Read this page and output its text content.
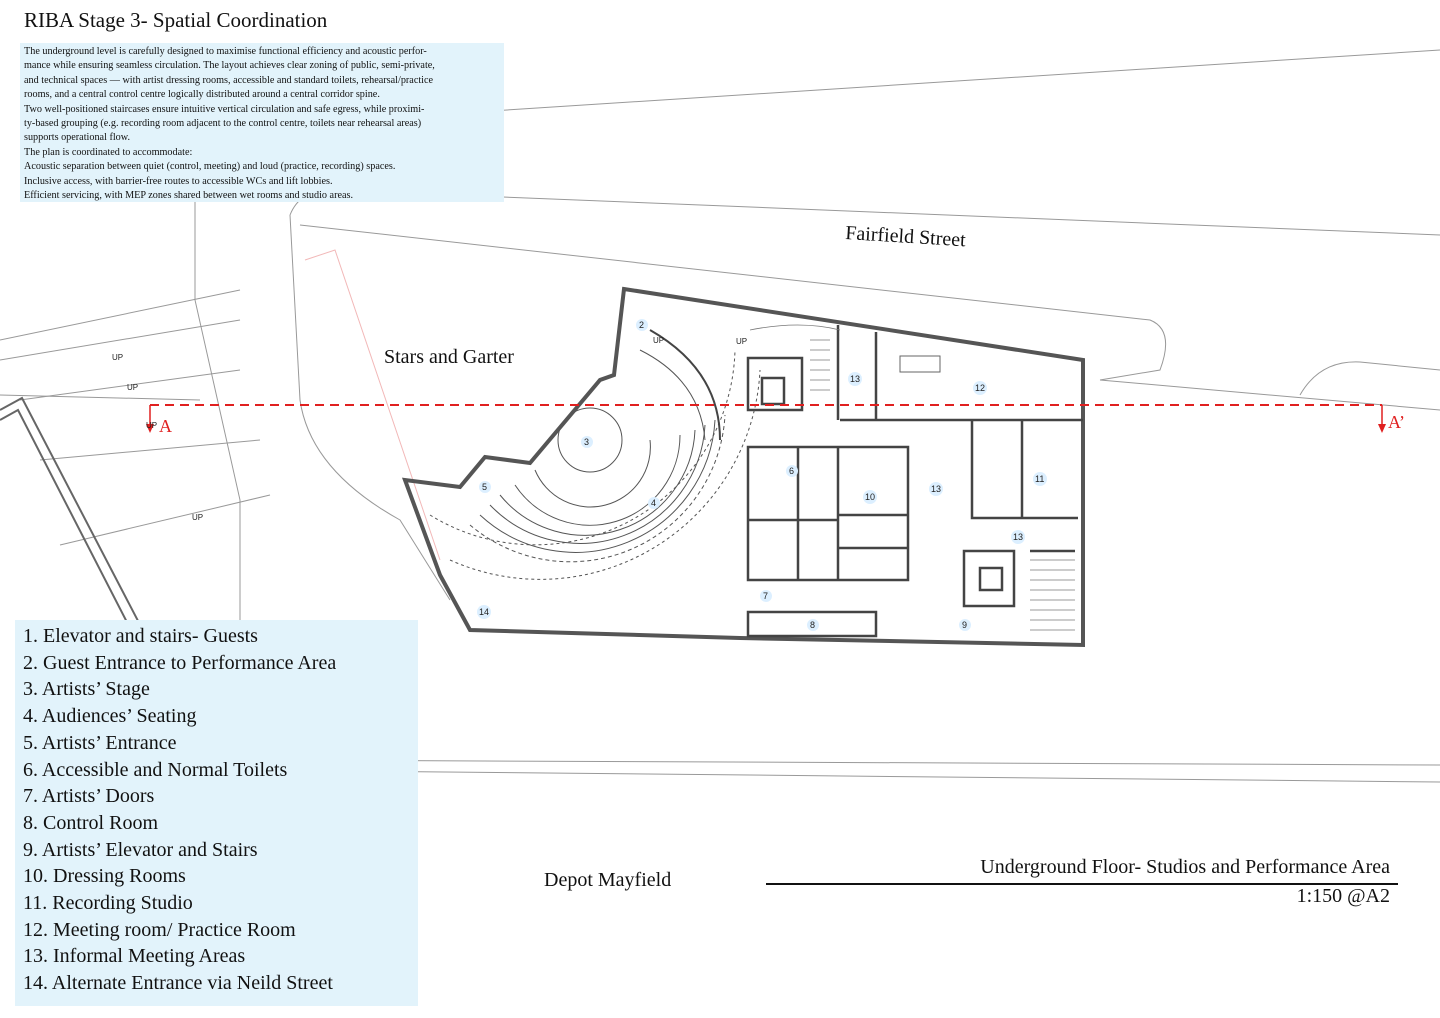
A	A’
UP
UP
UP
UP
UP	UP
2
3
4
5
6
7
8	9
10
11
12
13
13
13
14
RIBA Stage 3- Spatial Coordination
The underground level is carefully designed to maximise functional efficiency and acoustic perfor-
mance while ensuring seamless circulation. The layout achieves clear zoning of public, semi-private,
and technical spaces — with artist dressing rooms, accessible and standard toilets, rehearsal/practice
rooms, and a central control centre logically distributed around a central corridor spine.
Two well-positioned staircases ensure intuitive vertical circulation and safe egress, while proximi-
ty-based grouping (e.g. recording room adjacent to the control centre, toilets near rehearsal areas)
supports operational flow.
The plan is coordinated to accommodate:
Acoustic separation between quiet (control, meeting) and loud (practice, recording) spaces.
Inclusive access, with barrier-free routes to accessible WCs and lift lobbies.
Efficient servicing, with MEP zones shared between wet rooms and studio areas.
Fairfield Street
Stars and Garter
1. Elevator and stairs- Guests
2. Guest Entrance to Performance Area
3. Artists’ Stage
4. Audiences’ Seating
5. Artists’ Entrance
6. Accessible and Normal Toilets
7. Artists’ Doors
8. Control Room
9. Artists’ Elevator and Stairs
10. Dressing Rooms
11. Recording Studio
12. Meeting room/ Practice Room
13. Informal Meeting Areas
14. Alternate Entrance via Neild Street
Depot Mayfield
Underground Floor- Studios and Performance Area
1:150 @A2
